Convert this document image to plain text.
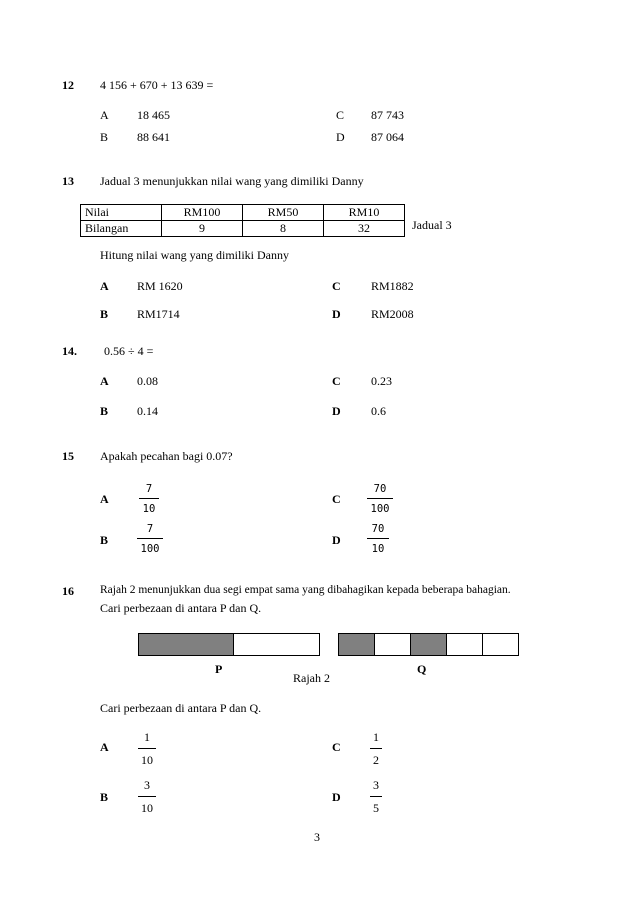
12 4 156 + 670 + 13 639 =
A 18 465
B 88 641
C 87 743
D 87 064
13 Jadual 3 menunjukkan nilai wang yang dimiliki Danny
Nilai	RM100	RM50	RM10
Bilangan	9	8	32	Jadual 3
Hitung nilai wang yang dimiliki Danny
A RM 1620
B RM1714
C	RM1882
D	RM2008
14. 0.56 ÷ 4 =
A 0.08
B 0.14
C	0.23
D	0.6
15 Apakah pecahan bagi 0.07?
A
7
10
B
7
100
C
70
100
D
70
10
16 Rajah 2 menunjukkan dua segi empat sama yang dibahagikan kepada beberapa bahagian.
Cari perbezaan di antara P dan Q.
P	Q
Rajah 2
Cari perbezaan di antara P dan Q.
A
1
10
B
3
10
C
1
2
D
3
5
3
